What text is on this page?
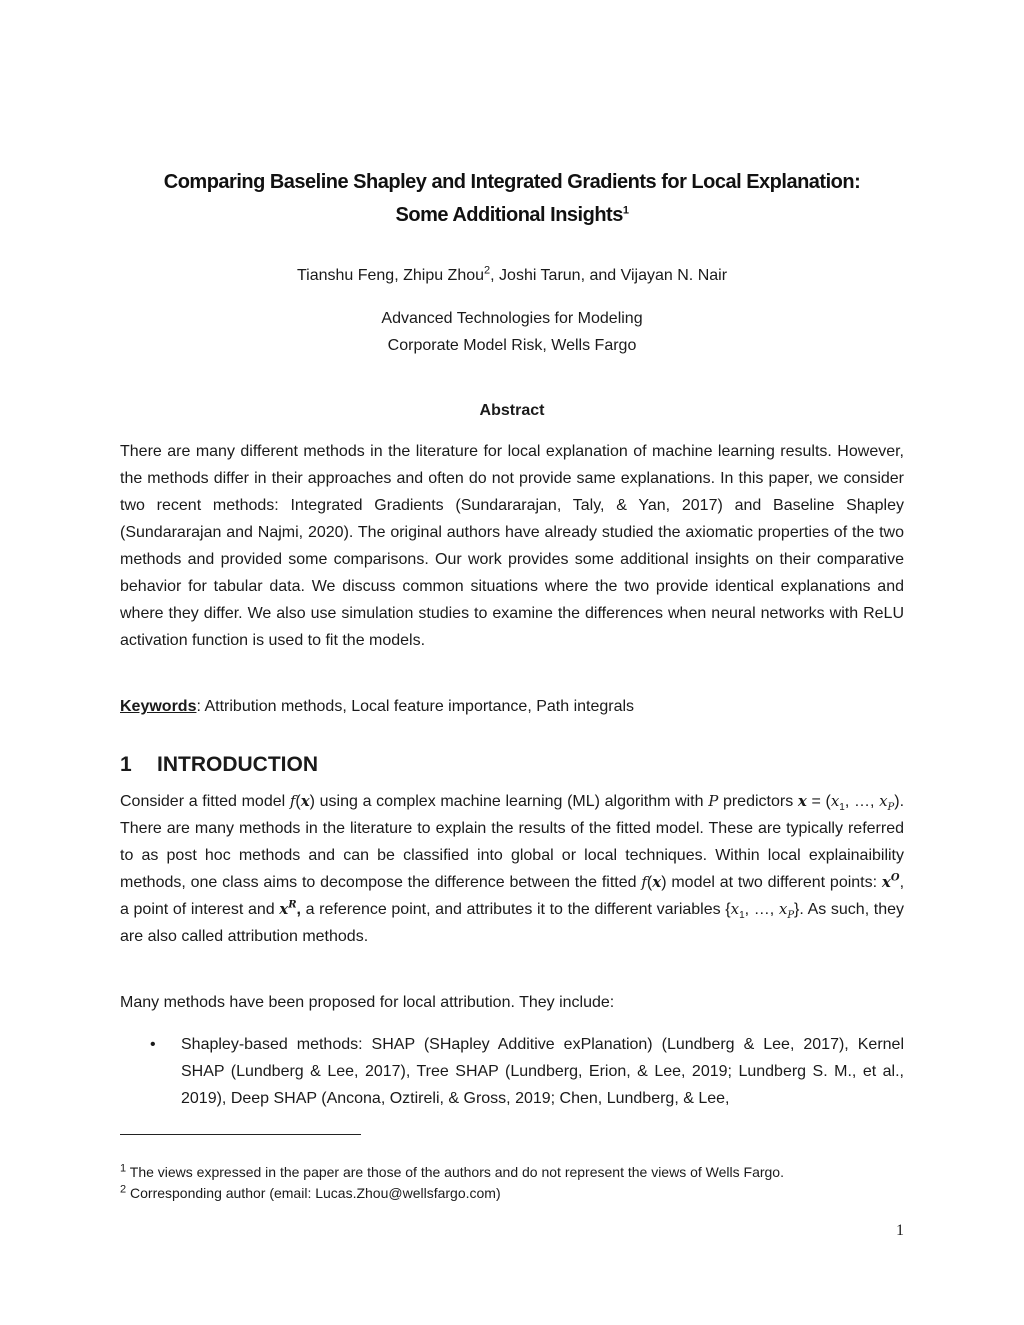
Comparing Baseline Shapley and Integrated Gradients for Local Explanation:
Some Additional Insights$^1$
Tianshu Feng, Zhipu Zhou$^2$, Joshi Tarun, and Vijayan N. Nair
Advanced Technologies for Modeling
Corporate Model Risk, Wells Fargo
Abstract

There are many different methods in the literature for local explanation of machine learning results. However, the methods differ in their approaches and often do not provide same explanations. In this paper, we consider two recent methods: Integrated Gradients (Sundararajan, Taly, & Yan, 2017) and Baseline Shapley (Sundararajan and Najmi, 2020). The original authors have already studied the axiomatic properties of the two methods and provided some comparisons. Our work provides some additional insights on their comparative behavior for tabular data. We discuss common situations where the two provide identical explanations and where they differ. We also use simulation studies to examine the differences when neural networks with ReLU activation function is used to fit the models.

Keywords: Attribution methods, Local feature importance, Path integrals

1 INTRODUCTION

Consider a fitted model f(x) using a complex machine learning (ML) algorithm with P predictors $x = (x_1$, …, $x_P$). There are many methods in the literature to explain the results of the fitted model. These are typically referred to as post hoc methods and can be classified into global or local techniques. Within local explainaibility methods, one class aims to decompose the difference between the fitted f(x) model at two different points: $x^O$, a point of interest and $x^R$, a reference point, and attributes it to the different variables {$x_1$, …, $x_P$}. As such, they are also called attribution methods.

Many methods have been proposed for local attribution. They include:

• Shapley-based methods: SHAP (SHapley Additive exPlanation) (Lundberg & Lee, 2017), Kernel SHAP (Lundberg & Lee, 2017), Tree SHAP (Lundberg, Erion, & Lee, 2019; Lundberg S. M., et al., 2019), Deep SHAP (Ancona, Oztireli, & Gross, 2019; Chen, Lundberg, & Lee,

$^1$ The views expressed in the paper are those of the authors and do not represent the views of Wells Fargo.

$^2$ Corresponding author (email: Lucas.Zhou@wellsfargo.com)

1
